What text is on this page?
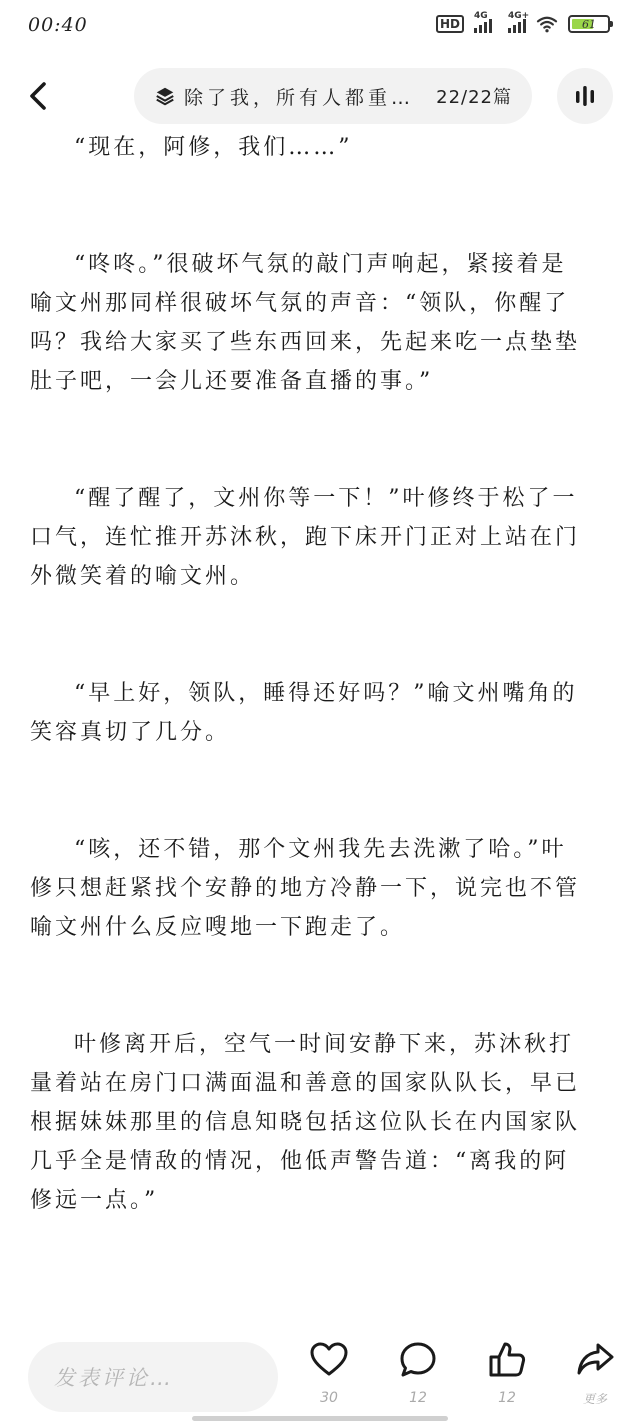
00:40	HD
4G 4G+
61
除了我，所有人都重…	22/22篇

“现在，阿修，我们……”

“咚咚。”很破坏气氛的敲门声响起，紧接着是喻文州那同样很破坏气氛的声音：“领队，你醒了吗？我给大家买了些东西回来，先起来吃一点垫垫肚子吧，一会儿还要准备直播的事。”

“醒了醒了，文州你等一下！”叶修终于松了一口气，连忙推开苏沐秋，跑下床开门正对上站在门外微笑着的喻文州。

“早上好，领队，睡得还好吗？”喻文州嘴角的笑容真切了几分。

“咳，还不错，那个文州我先去洗漱了哈。”叶修只想赶紧找个安静的地方冷静一下，说完也不管喻文州什么反应嗖地一下跑走了。

叶修离开后，空气一时间安静下来，苏沐秋打量着站在房门口满面温和善意的国家队队长，早已根据妹妹那里的信息知晓包括这位队长在内国家队几乎全是情敌的情况，他低声警告道：“离我的阿修远一点。”

发表评论…
30	12	12	更多
